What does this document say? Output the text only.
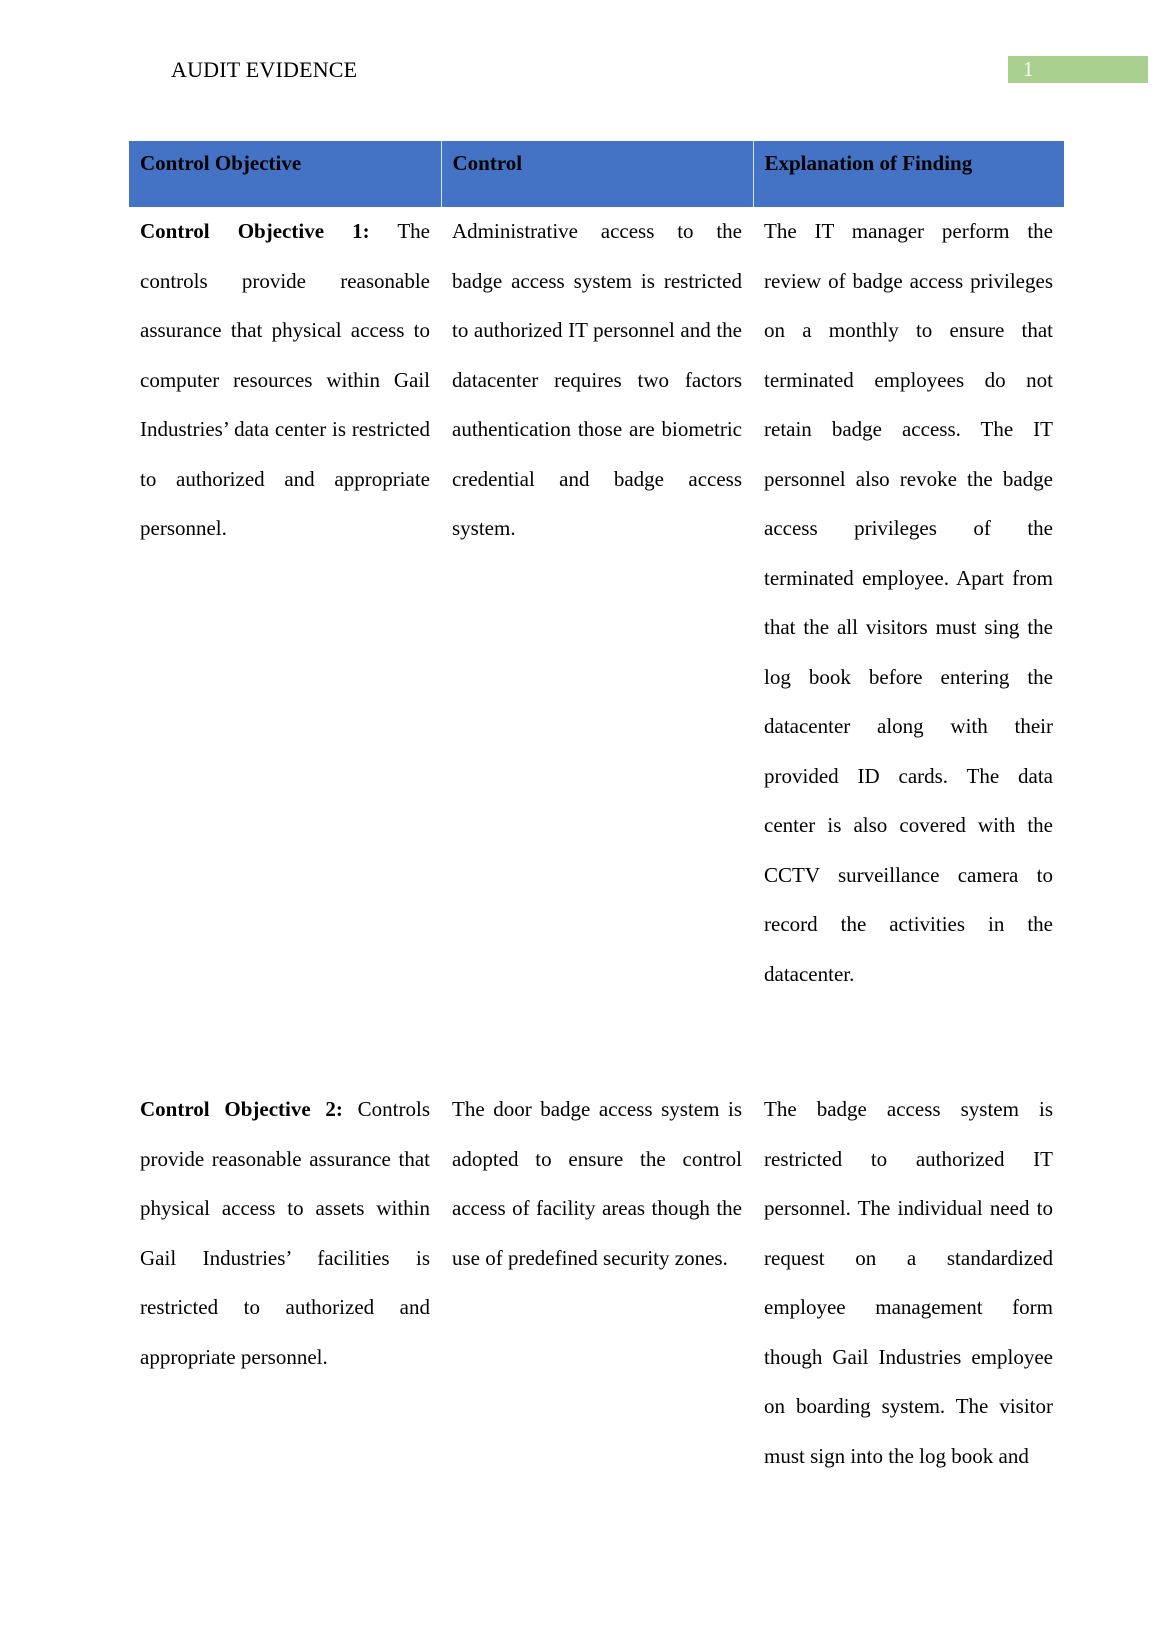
AUDIT EVIDENCE	1
Control Objective	Control	Explanation of Finding
Control Objective 1: The controls provide reasonable assurance that physical access to computer resources within Gail Industries’ data center is restricted to authorized and appropriate personnel.	Administrative access to the badge access system is restricted to authorized IT personnel and the datacenter requires two factors authentication those are biometric credential and badge access system.	The IT manager perform the review of badge access privileges on a monthly to ensure that terminated employees do not retain badge access. The IT personnel also revoke the badge access privileges of the terminated employee. Apart from that the all visitors must sing the log book before entering the datacenter along with their provided ID cards. The data center is also covered with the CCTV surveillance camera to record the activities in the datacenter.
Control Objective 2: Controls provide reasonable assurance that physical access to assets within Gail Industries’ facilities is restricted to authorized and appropriate personnel.	The door badge access system is adopted to ensure the control access of facility areas though the use of predefined security zones.	The badge access system is restricted to authorized IT personnel. The individual need to request on a standardized employee management form though Gail Industries employee on boarding system. The visitor must sign into the log book and
